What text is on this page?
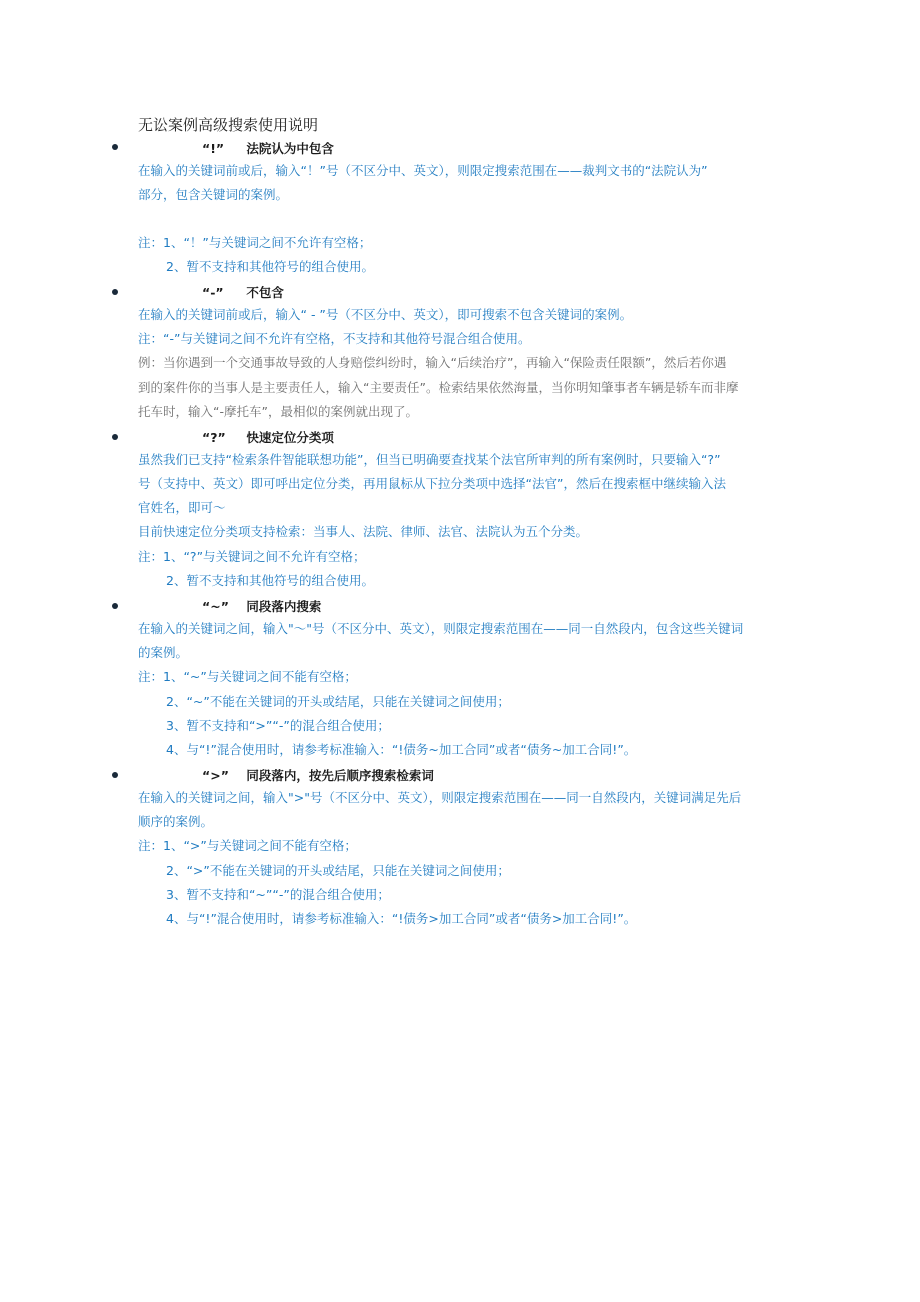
无讼案例高级搜索使用说明
“!” 法院认为中包含
在输入的关键词前或后，输入“！”号（不区分中、英文），则限定搜索范围在——裁判文书的“法院认为”
部分，包含关键词的案例。
注：1、“！”与关键词之间不允许有空格；
2、暂不支持和其他符号的组合使用。
“-” 不包含
在输入的关键词前或后，输入“ - ”号（不区分中、英文），即可搜索不包含关键词的案例。
注：“-”与关键词之间不允许有空格，不支持和其他符号混合组合使用。
例：当你遇到一个交通事故导致的人身赔偿纠纷时，输入“后续治疗”，再输入“保险责任限额”，然后若你遇
到的案件你的当事人是主要责任人，输入“主要责任”。检索结果依然海量，当你明知肇事者车辆是轿车而非摩
托车时，输入“-摩托车”，最相似的案例就出现了。
“?” 快速定位分类项
虽然我们已支持“检索条件智能联想功能”，但当已明确要查找某个法官所审判的所有案例时，只要输入“?”
号（支持中、英文）即可呼出定位分类，再用鼠标从下拉分类项中选择“法官”，然后在搜索框中继续输入法
官姓名，即可～
目前快速定位分类项支持检索：当事人、法院、律师、法官、法院认为五个分类。
注：1、“?”与关键词之间不允许有空格；
2、暂不支持和其他符号的组合使用。
“~” 同段落内搜索
在输入的关键词之间，输入"～"号（不区分中、英文），则限定搜索范围在——同一自然段内，包含这些关键词
的案例。
注：1、“~”与关键词之间不能有空格；
2、“~”不能在关键词的开头或结尾，只能在关键词之间使用；
3、暂不支持和“>”“-”的混合组合使用；
4、与“!”混合使用时，请参考标准输入：“!债务~加工合同”或者“债务~加工合同!”。
“>” 同段落内，按先后顺序搜索检索词
在输入的关键词之间，输入">"号（不区分中、英文），则限定搜索范围在——同一自然段内，关键词满足先后
顺序的案例。
注：1、“>”与关键词之间不能有空格；
2、“>”不能在关键词的开头或结尾，只能在关键词之间使用；
3、暂不支持和“~”“-”的混合组合使用；
4、与“!”混合使用时，请参考标准输入：“!债务>加工合同”或者“债务>加工合同!”。
